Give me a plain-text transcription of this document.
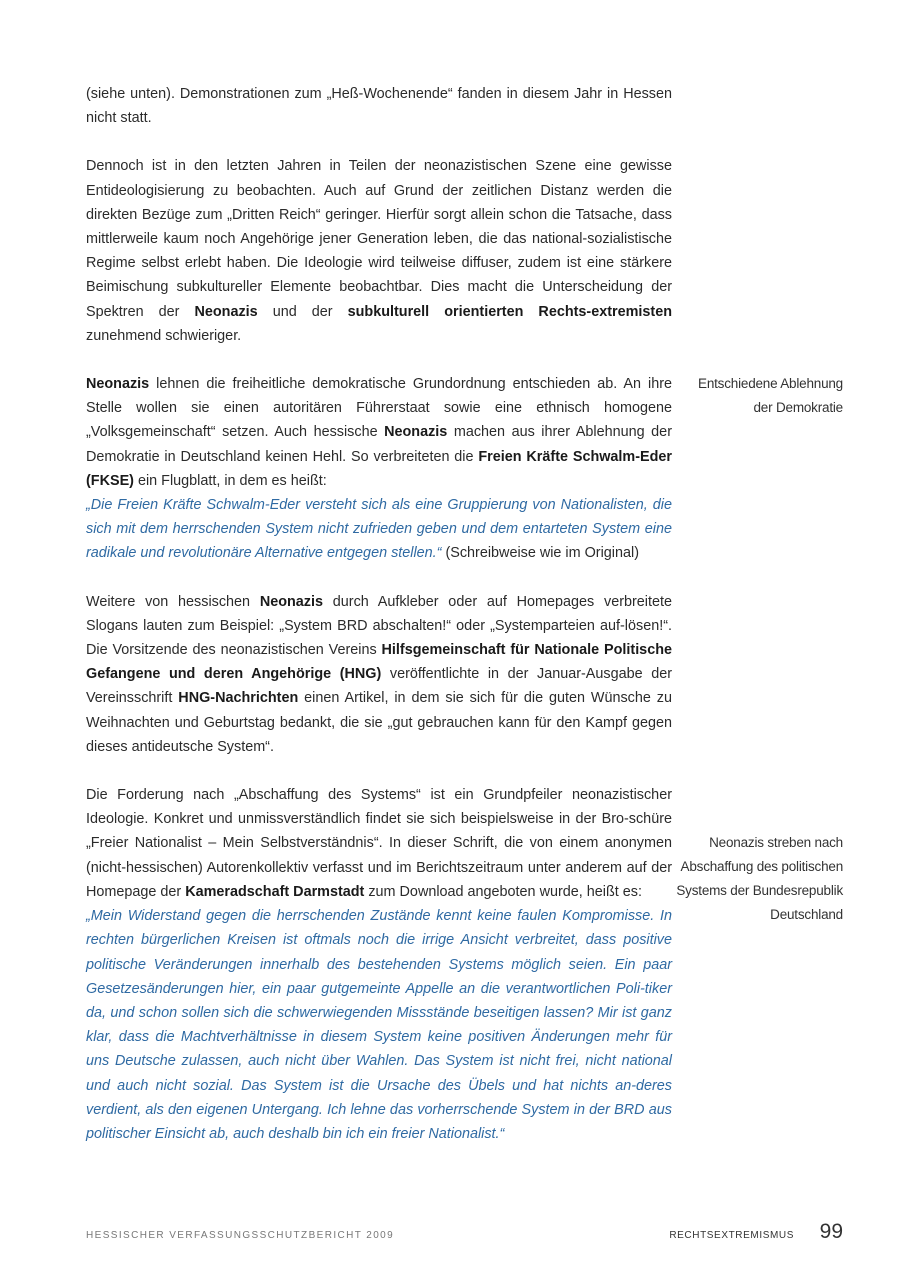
(siehe unten). Demonstrationen zum „Heß-Wochenende“ fanden in diesem Jahr in Hessen nicht statt.

Dennoch ist in den letzten Jahren in Teilen der neonazistischen Szene eine gewisse Entideologisierung zu beobachten. Auch auf Grund der zeitlichen Distanz werden die direkten Bezüge zum „Dritten Reich“ geringer. Hierfür sorgt allein schon die Tatsache, dass mittlerweile kaum noch Angehörige jener Generation leben, die das national-sozialistische Regime selbst erlebt haben. Die Ideologie wird teilweise diffuser, zudem ist eine stärkere Beimischung subkultureller Elemente beobachtbar. Dies macht die Unterscheidung der Spektren der Neonazis und der subkulturell orientierten Rechts-extremisten zunehmend schwieriger.

Neonazis lehnen die freiheitliche demokratische Grundordnung entschieden ab. An ihre Stelle wollen sie einen autoritären Führerstaat sowie eine ethnisch homogene „Volksgemeinschaft“ setzen. Auch hessische Neonazis machen aus ihrer Ablehnung der Demokratie in Deutschland keinen Hehl. So verbreiteten die Freien Kräfte Schwalm-Eder (FKSE) ein Flugblatt, in dem es heißt:
„Die Freien Kräfte Schwalm-Eder versteht sich als eine Gruppierung von Nationalisten, die sich mit dem herrschenden System nicht zufrieden geben und dem entarteten System eine radikale und revolutionäre Alternative entgegen stellen.“ (Schreibweise wie im Original)

Weitere von hessischen Neonazis durch Aufkleber oder auf Homepages verbreitete Slogans lauten zum Beispiel: „System BRD abschalten!“ oder „Systemparteien auf-lösen!“. Die Vorsitzende des neonazistischen Vereins Hilfsgemeinschaft für Nationale Politische Gefangene und deren Angehörige (HNG) veröffentlichte in der Januar-Ausgabe der Vereinsschrift HNG-Nachrichten einen Artikel, in dem sie sich für die guten Wünsche zu Weihnachten und Geburtstag bedankt, die sie „gut gebrauchen kann für den Kampf gegen dieses antideutsche System“.

Die Forderung nach „Abschaffung des Systems“ ist ein Grundpfeiler neonazistischer Ideologie. Konkret und unmissverständlich findet sie sich beispielsweise in der Bro-schüre „Freier Nationalist – Mein Selbstverständnis“. In dieser Schrift, die von einem anonymen (nicht-hessischen) Autorenkollektiv verfasst und im Berichtszeitraum unter anderem auf der Homepage der Kameradschaft Darmstadt zum Download angeboten wurde, heißt es:
„Mein Widerstand gegen die herrschenden Zustände kennt keine faulen Kompromisse. In rechten bürgerlichen Kreisen ist oftmals noch die irrige Ansicht verbreitet, dass positive politische Veränderungen innerhalb des bestehenden Systems möglich seien. Ein paar Gesetzesänderungen hier, ein paar gutgemeinte Appelle an die verantwortlichen Poli-tiker da, und schon sollen sich die schwerwiegenden Missstände beseitigen lassen? Mir ist ganz klar, dass die Machtverhältnisse in diesem System keine positiven Änderungen mehr für uns Deutsche zulassen, auch nicht über Wahlen. Das System ist nicht frei, nicht national und auch nicht sozial. Das System ist die Ursache des Übels und hat nichts an-deres verdient, als den eigenen Untergang. Ich lehne das vorherrschende System in der BRD aus politischer Einsicht ab, auch deshalb bin ich ein freier Nationalist.“

Entschiedene Ablehnung
der Demokratie
Neonazis streben nach
Abschaffung des politischen
Systems der Bundesrepublik
Deutschland
HESSISCHER VERFASSUNGSSCHUTZBERICHT 2009	RECHTSEXTREMISMUS 99
